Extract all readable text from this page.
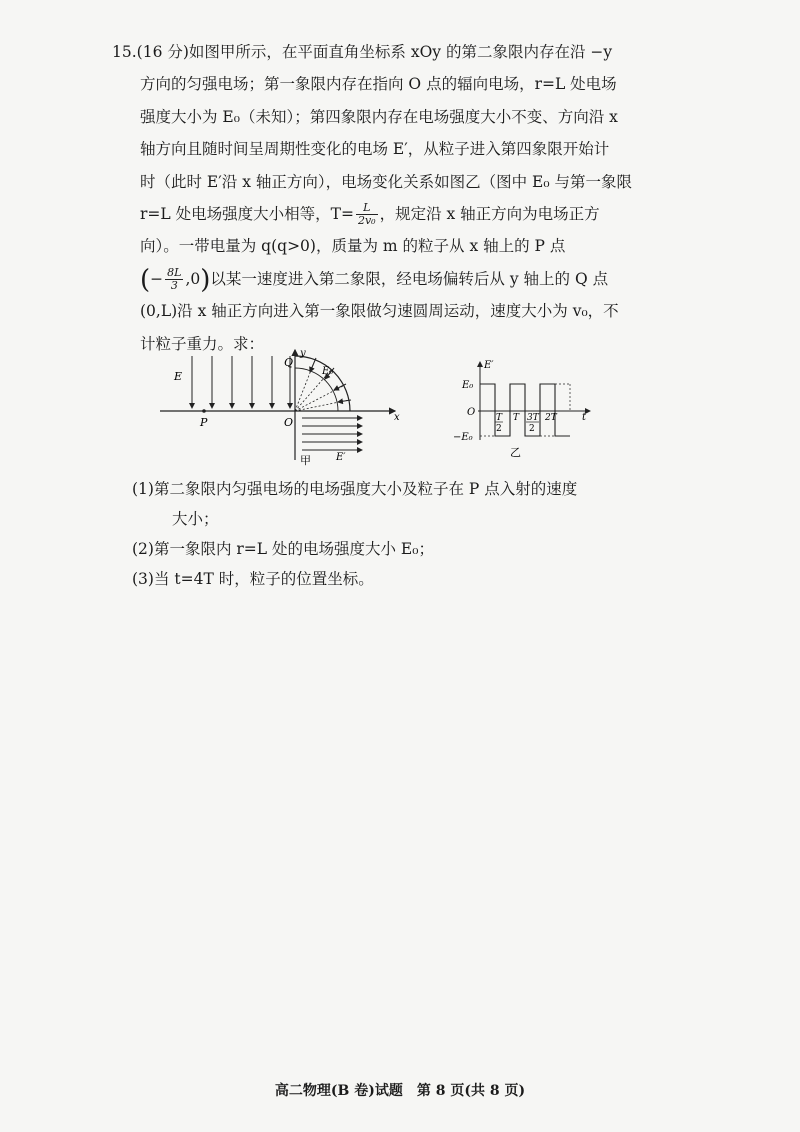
15.(16 分)如图甲所示，在平面直角坐标系 xOy 的第二象限内存在沿 −y
方向的匀强电场；第一象限内存在指向 O 点的辐向电场，r=L 处电场
强度大小为 E₀（未知）；第四象限内存在电场强度大小不变、方向沿 x
轴方向且随时间呈周期性变化的电场 E′，从粒子进入第四象限开始计
时（此时 E′沿 x 轴正方向），电场变化关系如图乙（图中 E₀ 与第一象限
r=L 处电场强度大小相等，$T= \frac{L}{\text{2v₀}}$ ，规定沿 x 轴正方向为电场正方
向）。一带电量为 q(q>0)，质量为 m 的粒子从 x 轴上的 P 点
(− $\frac{8L}{3} ,0$)以某一速度进入第二象限，经电场偏转后从 y 轴上的 Q 点
(0,L)沿 x 轴正方向进入第一象限做匀速圆周运动，速度大小为 v₀，不
计粒子重力。求：
E
P	O
Q
y
x
E₀
E′
甲
E′
E₀
O
−E₀
T
2
T 3T
2
2T	t
乙
(1)第二象限内匀强电场的电场强度大小及粒子在 P 点入射的速度
大小；
(2)第一象限内 r=L 处的电场强度大小 E₀；
(3)当 t=4T 时，粒子的位置坐标。
高二物理(B 卷)试题　第 8 页(共 8 页)
